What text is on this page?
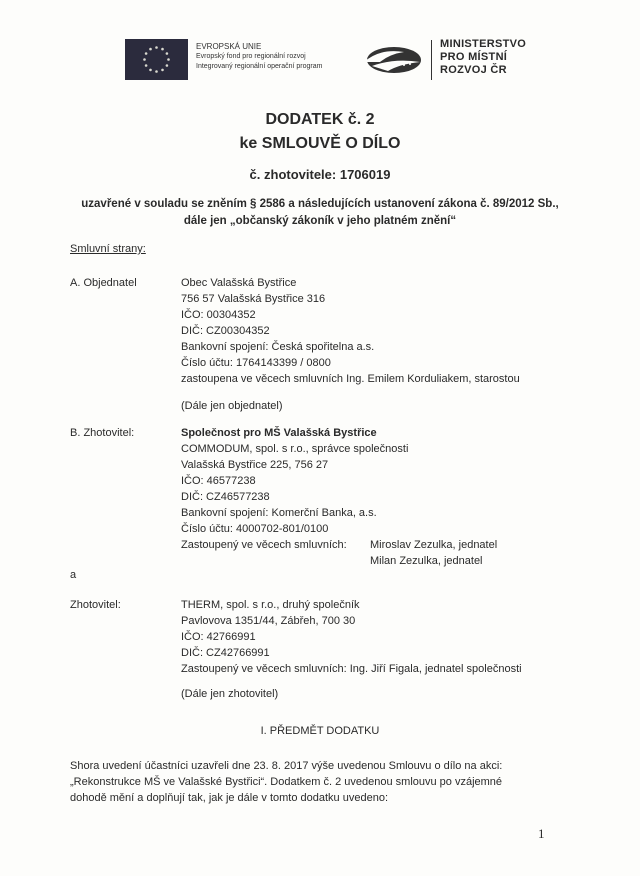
EVROPSKÁ UNIE
Evropský fond pro regionální rozvoj
Integrovaný regionální operační program
MINISTERSTVO
PRO MÍSTNÍ
ROZVOJ ČR
DODATEK č. 2
ke SMLOUVĚ O DÍLO
č. zhotovitele: 1706019
uzavřené v souladu se zněním § 2586 a následujících ustanovení zákona č. 89/2012 Sb.,
dále jen „občanský zákoník v jeho platném znění“
Smluvní strany:
A. Objednatel	Obec Valašská Bystřice
756 57 Valašská Bystřice 316
IČO: 00304352
DIČ: CZ00304352
Bankovní spojení: Česká spořitelna a.s.
Číslo účtu: 1764143399 / 0800
zastoupena ve věcech smluvních Ing. Emilem Korduliakem, starostou
(Dále jen objednatel)
B. Zhotovitel:	Společnost pro MŠ Valašská Bystřice
COMMODUM, spol. s r.o., správce společnosti
Valašská Bystřice 225, 756 27
IČO: 46577238
DIČ: CZ46577238
Bankovní spojení: Komerční Banka, a.s.
Číslo účtu: 4000702-801/0100
Zastoupený ve věcech smluvních: Miroslav Zezulka, jednatel
Milan Zezulka, jednatel
a
Zhotovitel:	THERM, spol. s r.o., druhý společník
Pavlovova 1351/44, Zábřeh, 700 30
IČO: 42766991
DIČ: CZ42766991
Zastoupený ve věcech smluvních: Ing. Jiří Figala, jednatel společnosti
(Dále jen zhotovitel)
I. PŘEDMĚT DODATKU
Shora uvedení účastníci uzavřeli dne 23. 8. 2017 výše uvedenou Smlouvu o dílo na akci:
„Rekonstrukce MŠ ve Valašské Bystřici“. Dodatkem č. 2 uvedenou smlouvu po vzájemné
dohodě mění a doplňují tak, jak je dále v tomto dodatku uvedeno:
1
